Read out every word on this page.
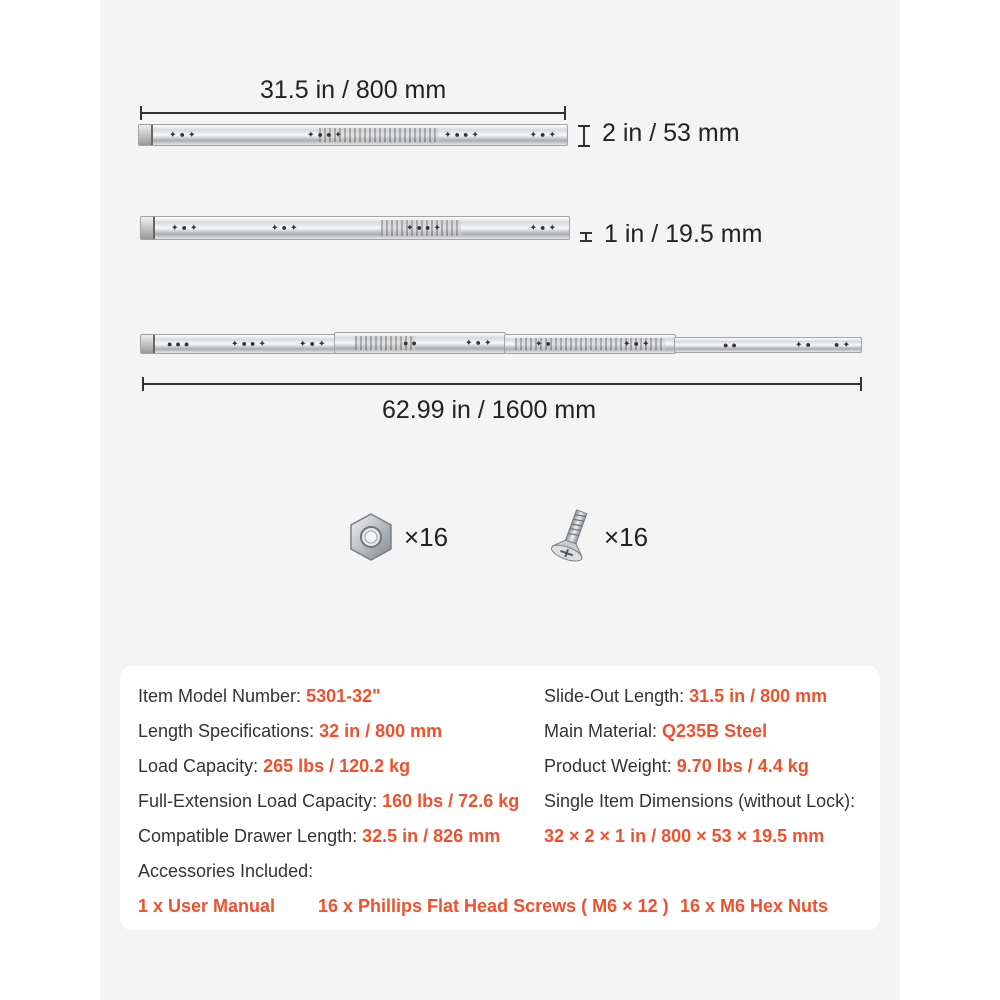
31.5 in / 800 mm
✦●✦	✦●●✦	✦●●✦	✦●✦ 2 in / 53 mm
✦●✦	✦●✦	✦●●✦	✦●✦ 1 in / 19.5 mm
●●●	✦●●✦	✦●✦	●●	✦●✦	✦●	✦●✦	●●	✦● ●✦
62.99 in / 1600 mm
×16	×16
Item Model Number: 5301-32"
Length Specifications: 32 in / 800 mm
Load Capacity: 265 lbs / 120.2 kg
Full-Extension Load Capacity: 160 lbs / 72.6 kg
Compatible Drawer Length: 32.5 in / 826 mm
Slide-Out Length: 31.5 in / 800 mm
Main Material: Q235B Steel
Product Weight: 9.70 lbs / 4.4 kg
Single Item Dimensions (without Lock):
32 × 2 × 1 in / 800 × 53 × 19.5 mm
Accessories Included:
1 x User Manual 16 x Phillips Flat Head Screws ( M6 × 12 ) 16 x M6 Hex Nuts
